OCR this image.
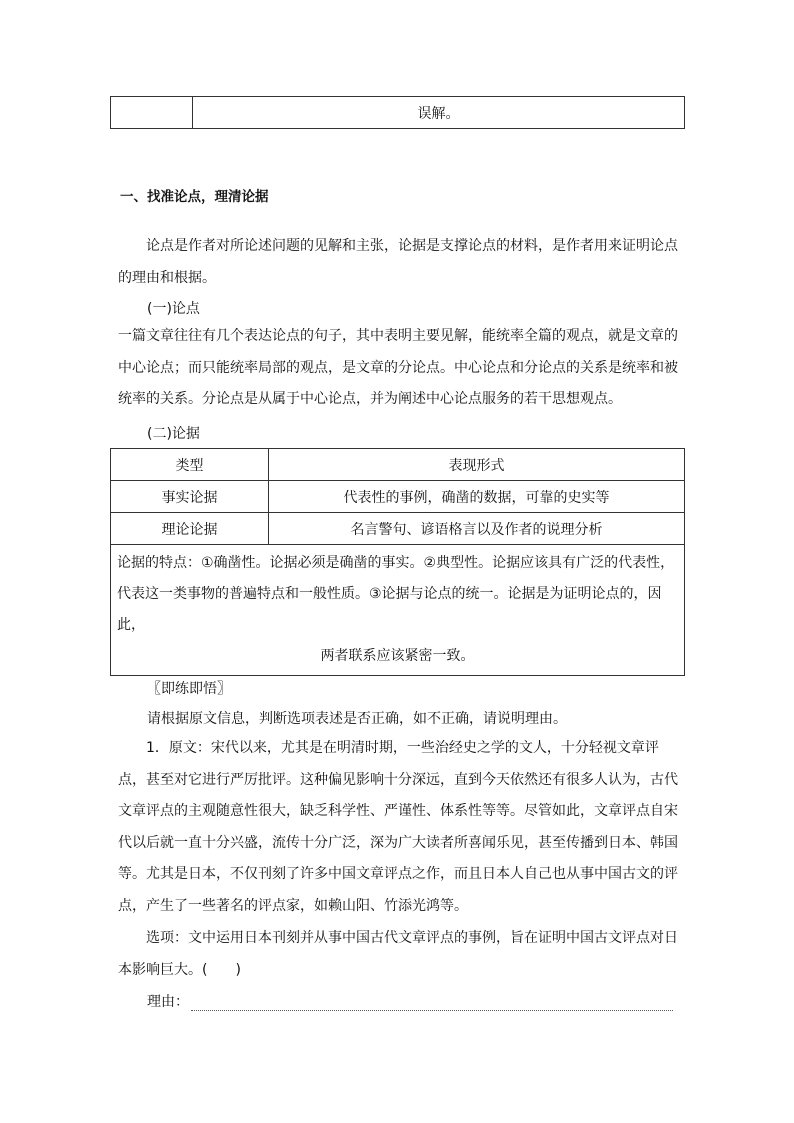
	误解。
一、找准论点，理清论据

论点是作者对所论述问题的见解和主张，论据是支撑论点的材料，是作者用来证明论点的理由和根据。

(一)论点

一篇文章往往有几个表达论点的句子，其中表明主要见解，能统率全篇的观点，就是文章的中心论点；而只能统率局部的观点，是文章的分论点。中心论点和分论点的关系是统率和被统率的关系。分论点是从属于中心论点，并为阐述中心论点服务的若干思想观点。

(二)论据
类型	表现形式
事实论据	代表性的事例，确凿的数据，可靠的史实等
理论论据	名言警句、谚语格言以及作者的说理分析
论据的特点：①确凿性。论据必须是确凿的事实。②典型性。论据应该具有广泛的代表性，代表这一类事物的普遍特点和一般性质。③论据与论点的统一。论据是为证明论点的，因此，
两者联系应该紧密一致。	
〖即练即悟〗
请根据原文信息，判断选项表述是否正确，如不正确，请说明理由。

1．原文：宋代以来，尤其是在明清时期，一些治经史之学的文人，十分轻视文章评点，甚至对它进行严厉批评。这种偏见影响十分深远，直到今天依然还有很多人认为，古代文章评点的主观随意性很大，缺乏科学性、严谨性、体系性等等。尽管如此，文章评点自宋代以后就一直十分兴盛，流传十分广泛，深为广大读者所喜闻乐见，甚至传播到日本、韩国等。尤其是日本，不仅刊刻了许多中国文章评点之作，而且日本人自己也从事中国古文的评点，产生了一些著名的评点家，如赖山阳、竹添光鸿等。

选项：文中运用日本刊刻并从事中国古代文章评点的事例，旨在证明中国古文评点对日本影响巨大。(　　)

理由：
